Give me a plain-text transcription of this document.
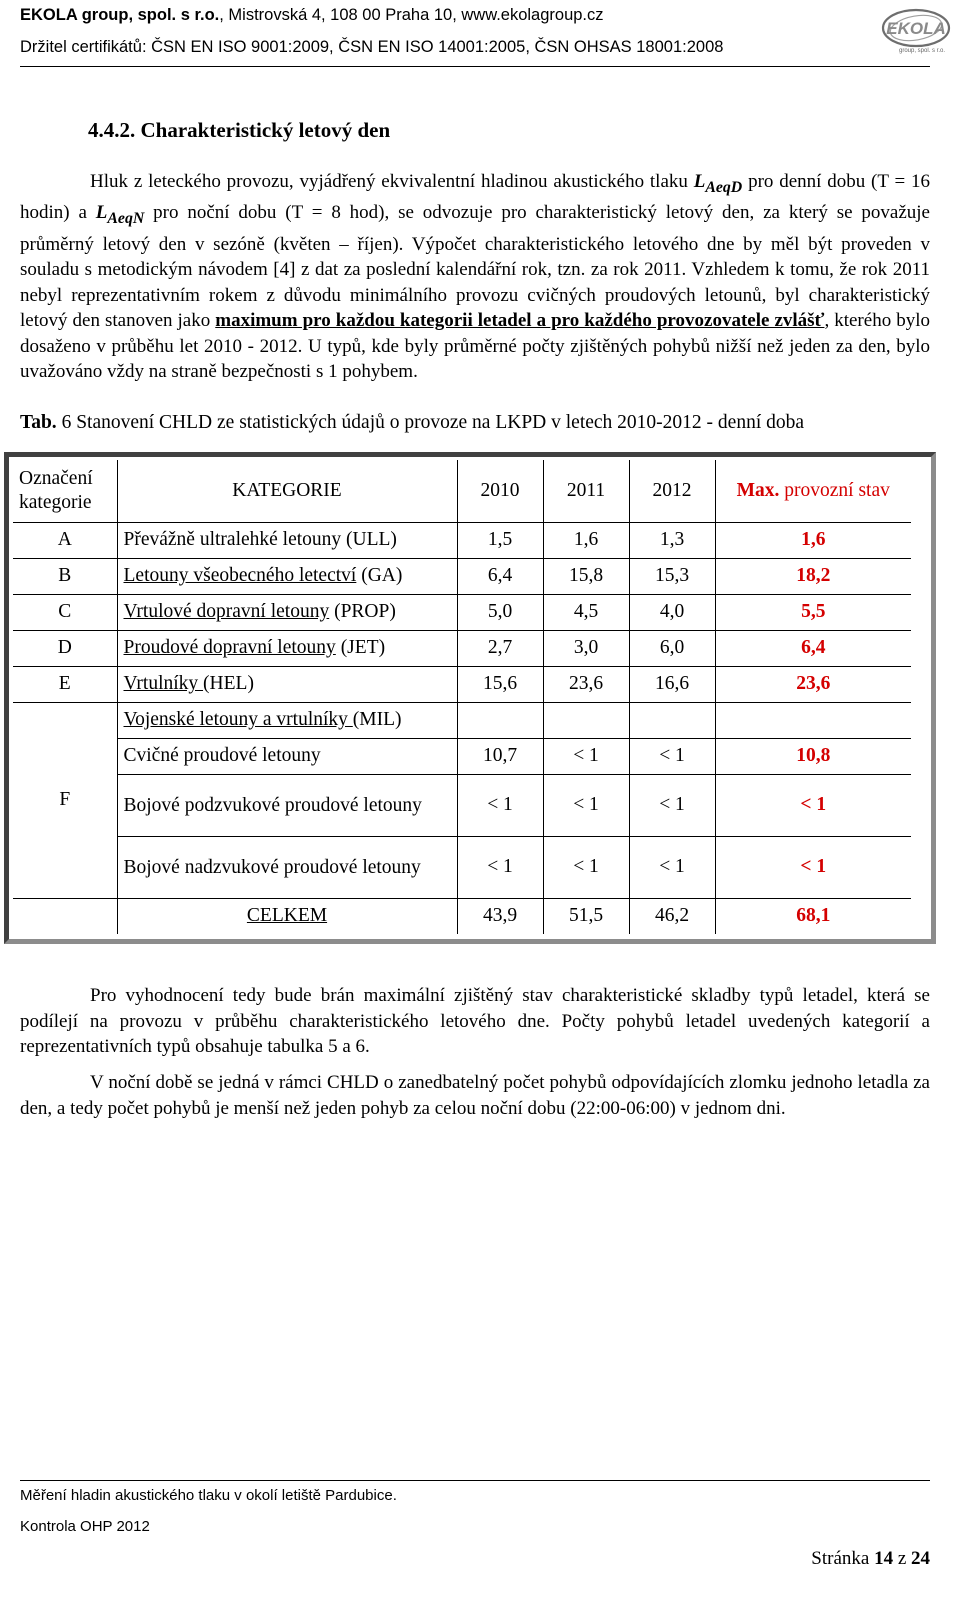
EKOLA group, spol. s r.o., Mistrovská 4, 108 00 Praha 10, www.ekolagroup.cz
Držitel certifikátů: ČSN EN ISO 9001:2009, ČSN EN ISO 14001:2005, ČSN OHSAS 18001:2008
EKOLA
group, spol. s r.o.
4.4.2. Charakteristický letový den

Hluk z leteckého provozu, vyjádřený ekvivalentní hladinou akustického tlaku $L_{AeqD}$ pro denní dobu (T = 16 hodin) a $L_{AeqN}$ pro noční dobu (T = 8 hod), se odvozuje pro charakteristický letový den, za který se považuje průměrný letový den v sezóně (květen – říjen). Výpočet charakteristického letového dne by měl být proveden v souladu s metodickým návodem [4] z dat za poslední kalendářní rok, tzn. za rok 2011. Vzhledem k tomu, že rok 2011 nebyl reprezentativním rokem z důvodu minimálního provozu cvičných proudových letounů, byl charakteristický letový den stanoven jako maximum pro každou kategorii letadel a pro každého provozovatele zvlášť, kterého bylo dosaženo v průběhu let 2010 - 2012. U typů, kde byly průměrné počty zjištěných pohybů nižší než jeden za den, bylo uvažováno vždy na straně bezpečnosti s 1 pohybem.

Tab. 6 Stanovení CHLD ze statistických údajů o provoze na LKPD v letech 2010-2012 - denní doba
Označení kategorie	KATEGORIE	2010	2011	2012	Max. provozní stav
A	Převážně ultralehké letouny (ULL)	1,5	1,6	1,3	1,6
B	Letouny všeobecného letectví (GA)	6,4	15,8	15,3	18,2
C	Vrtulové dopravní letouny (PROP)	5,0	4,5	4,0	5,5
D	Proudové dopravní letouny (JET)	2,7	3,0	6,0	6,4
E	Vrtulníky (HEL)	15,6	23,6	16,6	23,6
F	Vojenské letouny a vrtulníky (MIL)				
	Cvičné proudové letouny	10,7	< 1	< 1	10,8
	Bojové podzvukové proudové letouny	< 1	< 1	< 1	< 1
	Bojové nadzvukové proudové letouny	< 1	< 1	< 1	< 1
	CELKEM	43,9	51,5	46,2	68,1

Pro vyhodnocení tedy bude brán maximální zjištěný stav charakteristické skladby typů letadel, která se podílejí na provozu v průběhu charakteristického letového dne. Počty pohybů letadel uvedených kategorií a reprezentativních typů obsahuje tabulka 5 a 6.

V noční době se jedná v rámci CHLD o zanedbatelný počet pohybů odpovídajících zlomku jednoho letadla za den, a tedy počet pohybů je menší než jeden pohyb za celou noční dobu (22:00-06:00) v jednom dni.

Měření hladin akustického tlaku v okolí letiště Pardubice.
Kontrola OHP 2012
Stránka 14 z 24
